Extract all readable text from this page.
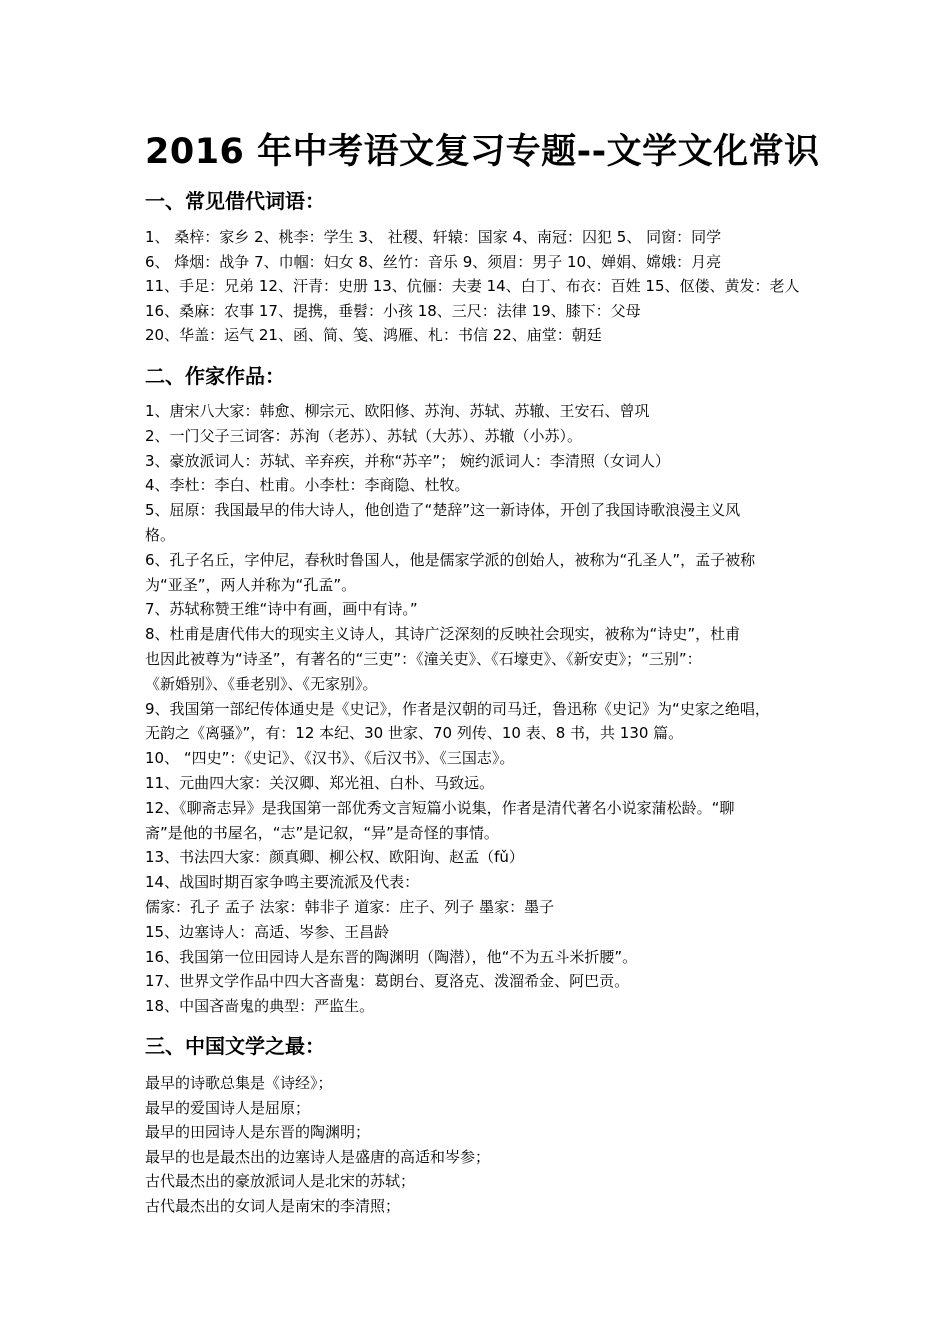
2016 年中考语文复习专题--文学文化常识
一、常见借代词语：
1、 桑梓：家乡 2、桃李：学生 3、 社稷、轩辕：国家 4、南冠：囚犯 5、 同窗：同学
6、 烽烟：战争 7、巾帼：妇女 8、丝竹：音乐 9、须眉：男子 10、婵娟、嫦娥：月亮
11、手足：兄弟 12、汗青：史册 13、伉俪：夫妻 14、白丁、布衣：百姓 15、伛偻、黄发：老人
16、桑麻：农事 17、提携，垂髫：小孩 18、三尺：法律 19、膝下：父母
20、华盖：运气 21、函、简、笺、鸿雁、札：书信 22、庙堂：朝廷
二、作家作品：
1、唐宋八大家：韩愈、柳宗元、欧阳修、苏洵、苏轼、苏辙、王安石、曾巩
2、一门父子三词客：苏洵（老苏）、苏轼（大苏）、苏辙（小苏）。
3、豪放派词人：苏轼、辛弃疾，并称“苏辛”； 婉约派词人：李清照（女词人）
4、李杜：李白、杜甫。小李杜：李商隐、杜牧。
5、屈原：我国最早的伟大诗人，他创造了“楚辞”这一新诗体，开创了我国诗歌浪漫主义风
格。
6、孔子名丘，字仲尼，春秋时鲁国人，他是儒家学派的创始人，被称为“孔圣人”，孟子被称
为“亚圣”，两人并称为“孔孟”。
7、苏轼称赞王维“诗中有画，画中有诗。”
8、杜甫是唐代伟大的现实主义诗人，其诗广泛深刻的反映社会现实，被称为“诗史”，杜甫
也因此被尊为“诗圣”，有著名的“三吏”：《潼关吏》、《石壕吏》、《新安吏》；“三别”：
《新婚别》、《垂老别》、《无家别》。
9、我国第一部纪传体通史是《史记》，作者是汉朝的司马迁，鲁迅称《史记》为“史家之绝唱，
无韵之《离骚》”，有：12 本纪、30 世家、70 列传、10 表、8 书，共 130 篇。
10、 “四史”：《史记》、《汉书》、《后汉书》、《三国志》。
11、元曲四大家：关汉卿、郑光祖、白朴、马致远。
12、《聊斋志异》是我国第一部优秀文言短篇小说集，作者是清代著名小说家蒲松龄。“聊
斋”是他的书屋名，“志”是记叙，“异”是奇怪的事情。
13、书法四大家：颜真卿、柳公权、欧阳询、赵孟（fǔ）
14、战国时期百家争鸣主要流派及代表：
儒家：孔子 孟子 法家：韩非子 道家：庄子、列子 墨家：墨子
15、边塞诗人：高适、岑参、王昌龄
16、我国第一位田园诗人是东晋的陶渊明（陶潜），他“不为五斗米折腰”。
17、世界文学作品中四大吝啬鬼：葛朗台、夏洛克、泼溜希金、阿巴贡。
18、中国吝啬鬼的典型：严监生。
三、中国文学之最：
最早的诗歌总集是《诗经》；
最早的爱国诗人是屈原；
最早的田园诗人是东晋的陶渊明；
最早的也是最杰出的边塞诗人是盛唐的高适和岑参；
古代最杰出的豪放派词人是北宋的苏轼；
古代最杰出的女词人是南宋的李清照；
